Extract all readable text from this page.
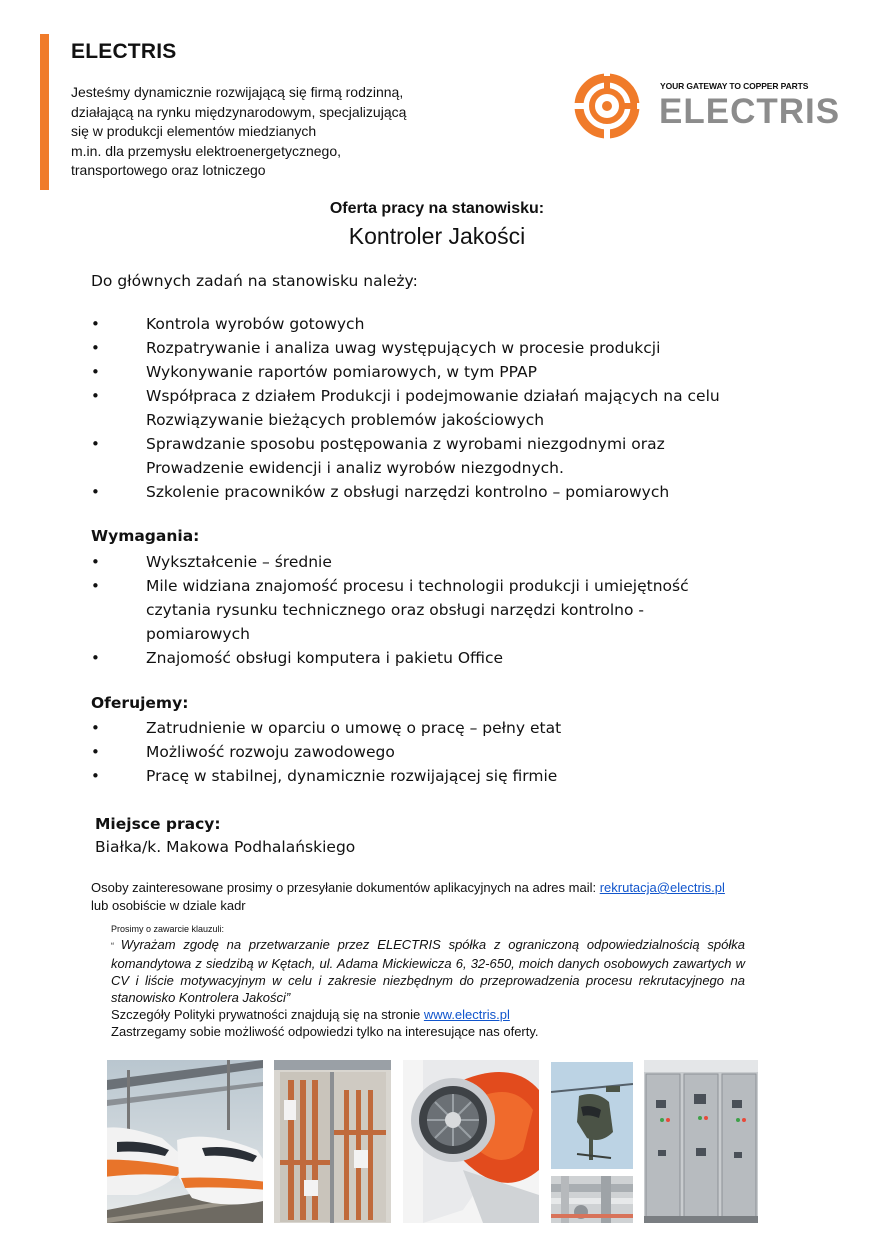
ELECTRIS
Jesteśmy dynamicznie rozwijającą się firmą rodzinną,
działającą na rynku międzynarodowym, specjalizującą
się w produkcji elementów miedzianych
m.in. dla przemysłu elektroenergetycznego,
transportowego oraz lotniczego
YOUR GATEWAY TO COPPER PARTS
ELECTRIS
Oferta pracy na stanowisku:
Kontroler Jakości
Do głównych zadań na stanowisku należy:
•	Kontrola wyrobów gotowych
•	Rozpatrywanie i analiza uwag występujących w procesie produkcji
•	Wykonywanie raportów pomiarowych, w tym PPAP
•	Współpraca z działem Produkcji i podejmowanie działań mających na celu
Rozwiązywanie bieżących problemów jakościowych
•	Sprawdzanie sposobu postępowania z wyrobami niezgodnymi oraz
Prowadzenie ewidencji i analiz wyrobów niezgodnych.
•	Szkolenie pracowników z obsługi narzędzi kontrolno – pomiarowych
Wymagania:
•	Wykształcenie – średnie
•	Mile widziana znajomość procesu i technologii produkcji i umiejętność
czytania rysunku technicznego oraz obsługi narzędzi kontrolno -
pomiarowych
•	Znajomość obsługi komputera i pakietu Office
Oferujemy:
•	Zatrudnienie w oparciu o umowę o pracę – pełny etat
•	Możliwość rozwoju zawodowego
•	Pracę w stabilnej, dynamicznie rozwijającej się firmie
Miejsce pracy:
Białka/k. Makowa Podhalańskiego
Osoby zainteresowane prosimy o przesyłanie dokumentów aplikacyjnych na adres mail: rekrutacja@electris.pl
lub osobiście w dziale kadr
Prosimy o zawarcie klauzuli:
“ Wyrażam zgodę na przetwarzanie przez ELECTRIS spółka z ograniczoną odpowiedzialnością spółka komandytowa z siedzibą w Kętach, ul. Adama Mickiewicza 6, 32-650, moich danych osobowych zawartych w CV i liście motywacyjnym w celu i zakresie niezbędnym do przeprowadzenia procesu rekrutacyjnego na stanowisko Kontrolera Jakości”
Szczegóły Polityki prywatności znajdują się na stronie www.electris.pl
Zastrzegamy sobie możliwość odpowiedzi tylko na interesujące nas oferty.
